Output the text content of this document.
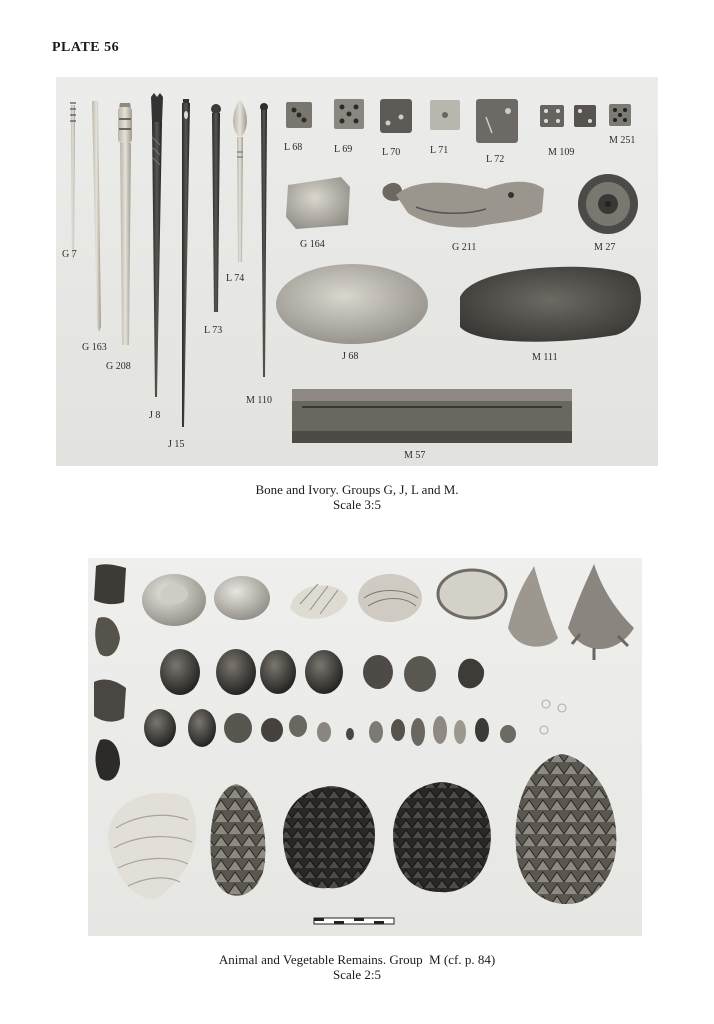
PLATE 56
G 7
G 163
G 208
J 8
J 15
L 73
L 74
M 110
L 68	L 69	L 70	L 71
L 72
M 109
M 251
G 164	G 211	M 27
J 68	M 111
M 57
Bone and Ivory. Groups G, J, L and M.
Scale 3:5
Animal and Vegetable Remains. Group  M (cf. p. 84)
Scale 2:5
